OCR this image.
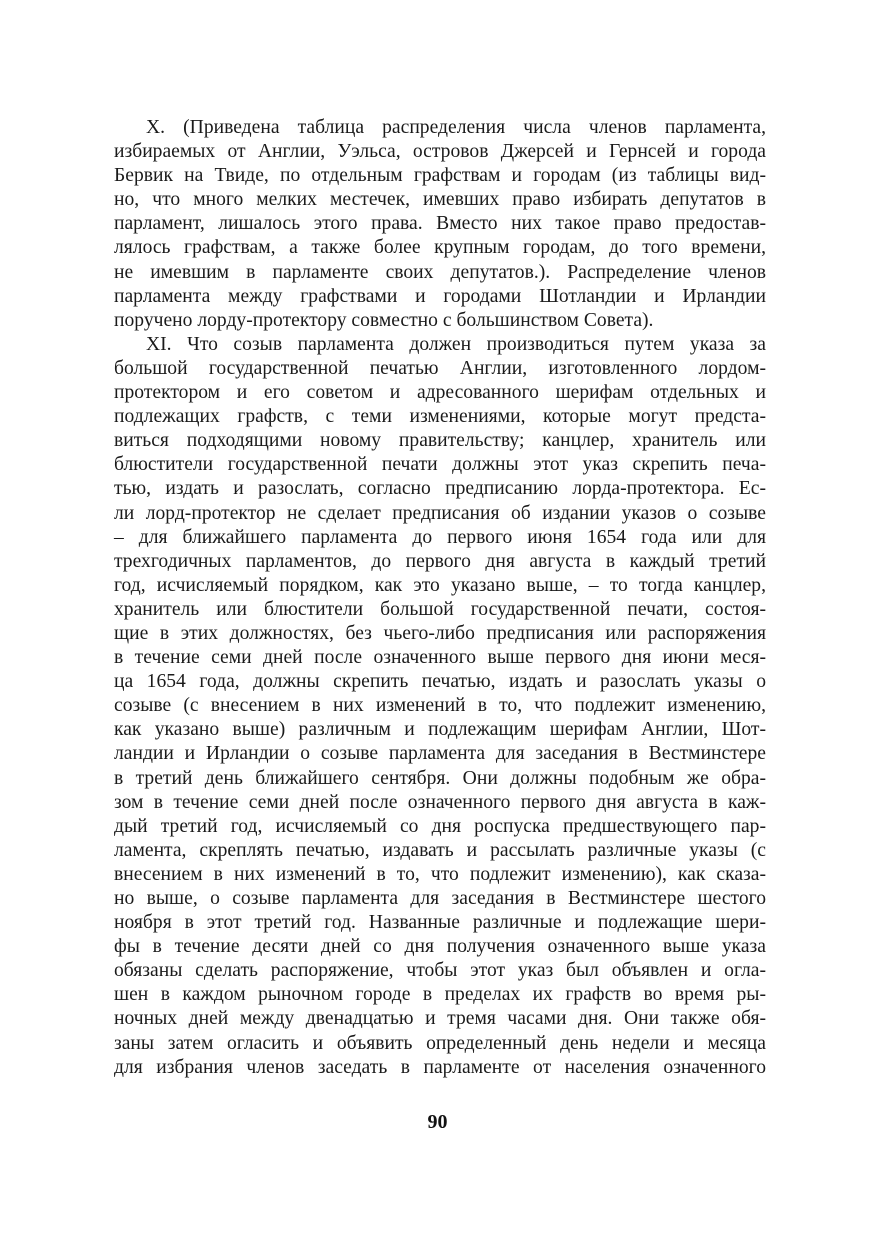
X. (Приведена таблица распределения числа членов парламента,
избираемых от Англии, Уэльса, островов Джерсей и Гернсей и города
Бервик на Твиде, по отдельным графствам и городам (из таблицы вид-
но, что много мелких местечек, имевших право избирать депутатов в
парламент, лишалось этого права. Вместо них такое право предостав-
лялось графствам, а также более крупным городам, до того времени,
не имевшим в парламенте своих депутатов.). Распределение членов
парламента между графствами и городами Шотландии и Ирландии
поручено лорду-протектору совместно с большинством Совета).
XI. Что созыв парламента должен производиться путем указа за
большой государственной печатью Англии, изготовленного лордом-
протектором и его советом и адресованного шерифам отдельных и
подлежащих графств, с теми изменениями, которые могут предста-
виться подходящими новому правительству; канцлер, хранитель или
блюстители государственной печати должны этот указ скрепить печа-
тью, издать и разослать, согласно предписанию лорда-протектора. Ес-
ли лорд-протектор не сделает предписания об издании указов о созыве
– для ближайшего парламента до первого июня 1654 года или для
трехгодичных парламентов, до первого дня августа в каждый третий
год, исчисляемый порядком, как это указано выше, – то тогда канцлер,
хранитель или блюстители большой государственной печати, состоя-
щие в этих должностях, без чьего-либо предписания или распоряжения
в течение семи дней после означенного выше первого дня июни меся-
ца 1654 года, должны скрепить печатью, издать и разослать указы о
созыве (с внесением в них изменений в то, что подлежит изменению,
как указано выше) различным и подлежащим шерифам Англии, Шот-
ландии и Ирландии о созыве парламента для заседания в Вестминстере
в третий день ближайшего сентября. Они должны подобным же обра-
зом в течение семи дней после означенного первого дня августа в каж-
дый третий год, исчисляемый со дня роспуска предшествующего пар-
ламента, скреплять печатью, издавать и рассылать различные указы (с
внесением в них изменений в то, что подлежит изменению), как сказа-
но выше, о созыве парламента для заседания в Вестминстере шестого
ноября в этот третий год. Названные различные и подлежащие шери-
фы в течение десяти дней со дня получения означенного выше указа
обязаны сделать распоряжение, чтобы этот указ был объявлен и огла-
шен в каждом рыночном городе в пределах их графств во время ры-
ночных дней между двенадцатью и тремя часами дня. Они также обя-
заны затем огласить и объявить определенный день недели и месяца
для избрания членов заседать в парламенте от населения означенного
90
